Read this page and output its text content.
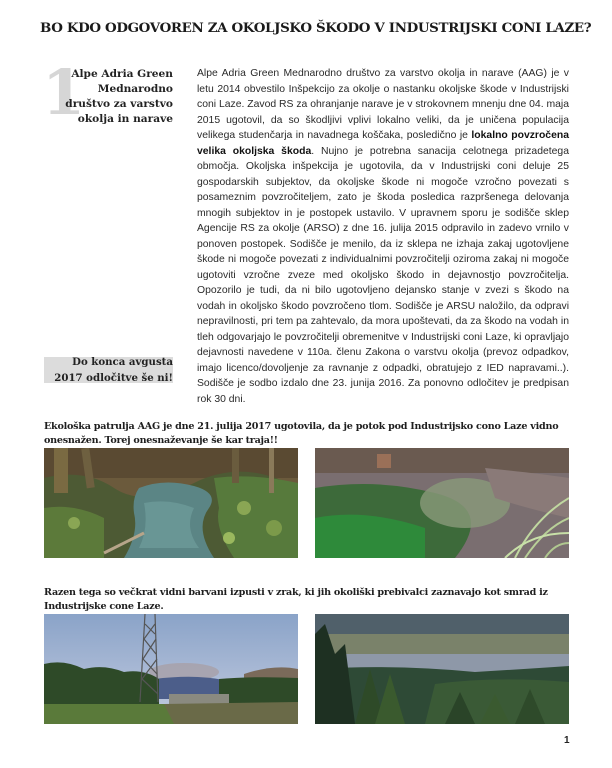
BO KDO ODGOVOREN ZA OKOLJSKO ŠKODO V INDUSTRIJSKI CONI LAZE?
1
Alpe Adria Green Mednarodno društvo za varstvo okolja in narave
Do konca avgusta 2017 odločitve še ni!
Alpe Adria Green Mednarodno društvo za varstvo okolja in narave (AAG) je v letu 2014 obvestilo Inšpekcijo za okolje o nastanku okoljske škode v Industrijski coni Laze. Zavod RS za ohranjanje narave je v strokovnem mnenju dne 04. maja 2015 ugotovil, da so škodljivi vplivi lokalno veliki, da je uničena populacija velikega studenčarja in navadnega koščaka, posledično je lokalno povzročena velika okoljska škoda. Nujno je potrebna sanacija celotnega prizadetega območja. Okoljska inšpekcija je ugotovila, da v Industrijski coni deluje 25 gospodarskih subjektov, da okoljske škode ni mogoče vzročno povezati s posameznim povzročiteljem, zato je škoda posledica razpršenega delovanja mnogih subjektov in je postopek ustavilo. V upravnem sporu je sodišče sklep Agencije RS za okolje (ARSO) z dne 16. julija 2015 odpravilo in zadevo vrnilo v ponoven postopek. Sodišče je menilo, da iz sklepa ne izhaja zakaj ugotovljene škode ni mogoče povezati z individualnimi povzročitelji oziroma zakaj ni mogoče ugotoviti vzročne zveze med okoljsko škodo in dejavnostjo povzročitelja. Opozorilo je tudi, da ni bilo ugotovljeno dejansko stanje v zvezi s škodo na vodah in okoljsko škodo povzročeno tlom. Sodišče je ARSU naložilo, da odpravi nepravilnosti, pri tem pa zahtevalo, da mora upoštevati, da za škodo na vodah in tleh odgovarjajo le povzročitelji obremenitve v Industrijski coni Laze, ki opravljajo dejavnosti navedene v 110a. členu Zakona o varstvu okolja (prevoz odpadkov, imajo licenco/dovoljenje za ravnanje z odpadki, obratujejo z IED napravami..). Sodišče je sodbo izdalo dne 23. junija 2016. Za ponovno odločitev je predpisan rok 30 dni.
Ekološka patrulja AAG je dne 21. julija 2017 ugotovila, da je potok pod Industrijsko cono Laze vidno onesnažen. Torej onesnaževanje še kar traja!!
Razen tega so večkrat vidni barvani izpusti v zrak, ki jih okoliški prebivalci zaznavajo kot smrad iz Industrijske cone Laze.
1
